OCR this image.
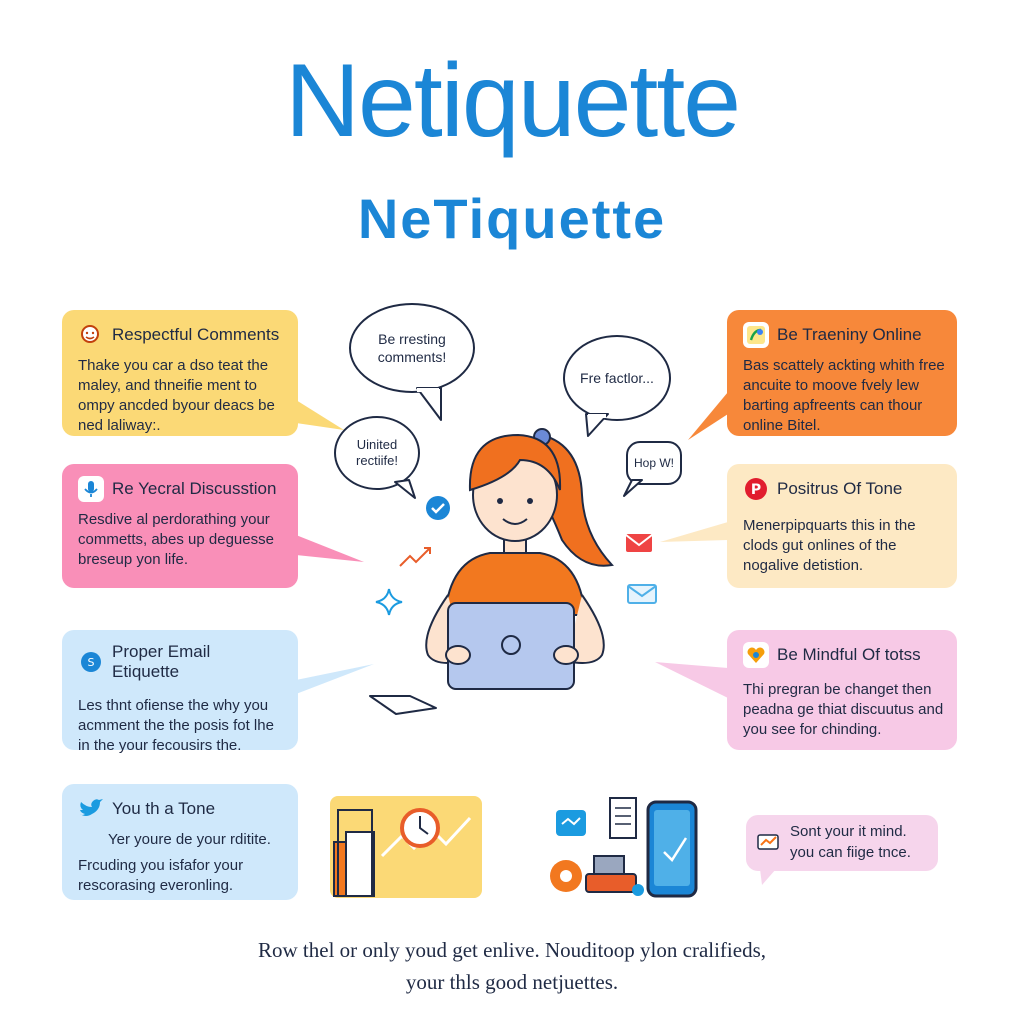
Netiquette
NeTiquette
Respectful Comments
Thake you car a dso teat the
maley, and thneifie ment to
ompy ancded byour deacs be
ned laliway:.
Re Yecral Discusstion
Resdive al perdorathing your
commetts, abes up deguesse
breseup yon life.
S
Proper Email Etiquette
Les thnt ofiense the why you
acmment the the posis fot lhe
in the your fecousirs the.
You th a Tone
Yer youre de your rditite.
Frcuding you isfafor your
rescorasing everonling.
Be Traeniny Online
Bas scattely ackting whith free
ancuite to moove fvely lew
barting apfreents can thour
online Bitel.
P Positrus Of Tone
Menerpipquarts this in the
clods gut onlines of the
nogalive detistion.
Be Mindful Of totss
Thi pregran be changet then
peadna ge thiat discuutus and
you see for chinding.
Sont your it mind.
you can fiige tnce.
Be rresting comments!
Fre factlor...
Uinited rectiife!	Hop W!
Row thel or only youd get enlive. Nouditoop ylon cralifieds,
your thls good netjuettes.
